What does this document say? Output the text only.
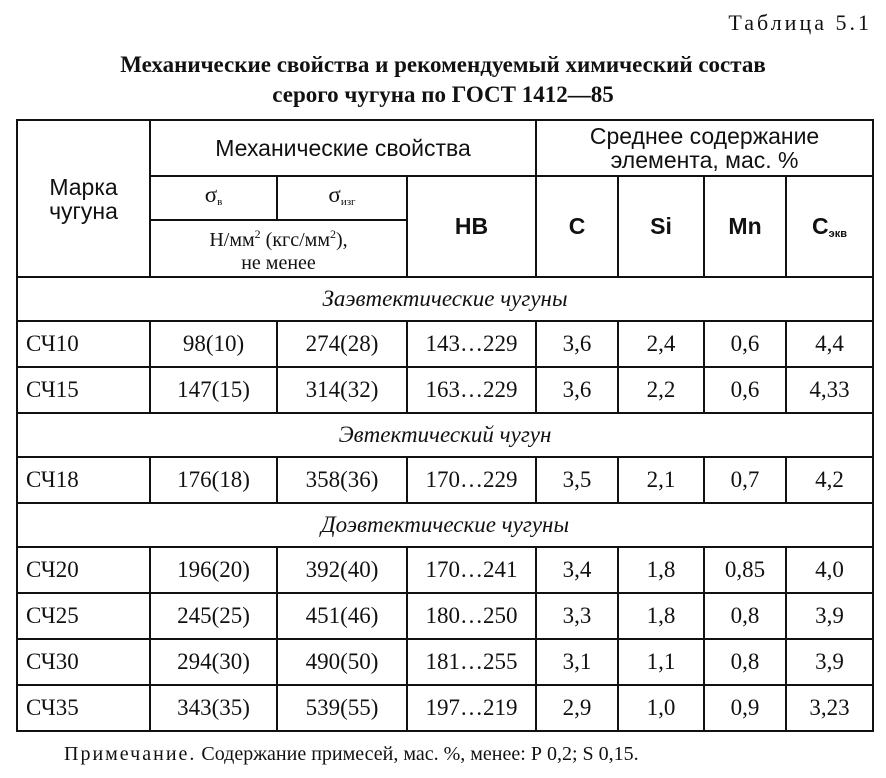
Таблица 5.1
Механические свойства и рекомендуемый химический состав
серого чугуна по ГОСТ 1412—85
Марка чугуна	Механические свойства			Среднее содержание элемента, мас. %			
	$\sigma_в$	$\sigma_{изг}$	НВ	С	Si	Mn	$С_{экв}$

	$Н/мм^2$ $(кгс/мм^2)$,
не менее						

Заэвтектические чугуны							
СЧ10	98(10)	274(28)	143…229	3,6	2,4	0,6	4,4
СЧ15	147(15)	314(32)	163…229	3,6	2,2	0,6	4,33
Эвтектический чугун							
СЧ18	176(18)	358(36)	170…229	3,5	2,1	0,7	4,2
Доэвтектические чугуны							
СЧ20	196(20)	392(40)	170…241	3,4	1,8	0,85	4,0
СЧ25	245(25)	451(46)	180…250	3,3	1,8	0,8	3,9
СЧ30	294(30)	490(50)	181…255	3,1	1,1	0,8	3,9
СЧ35	343(35)	539(55)	197…219	2,9	1,0	0,9	3,23
Примечание. Содержание примесей, мас. %, менее: Р 0,2; S 0,15.
